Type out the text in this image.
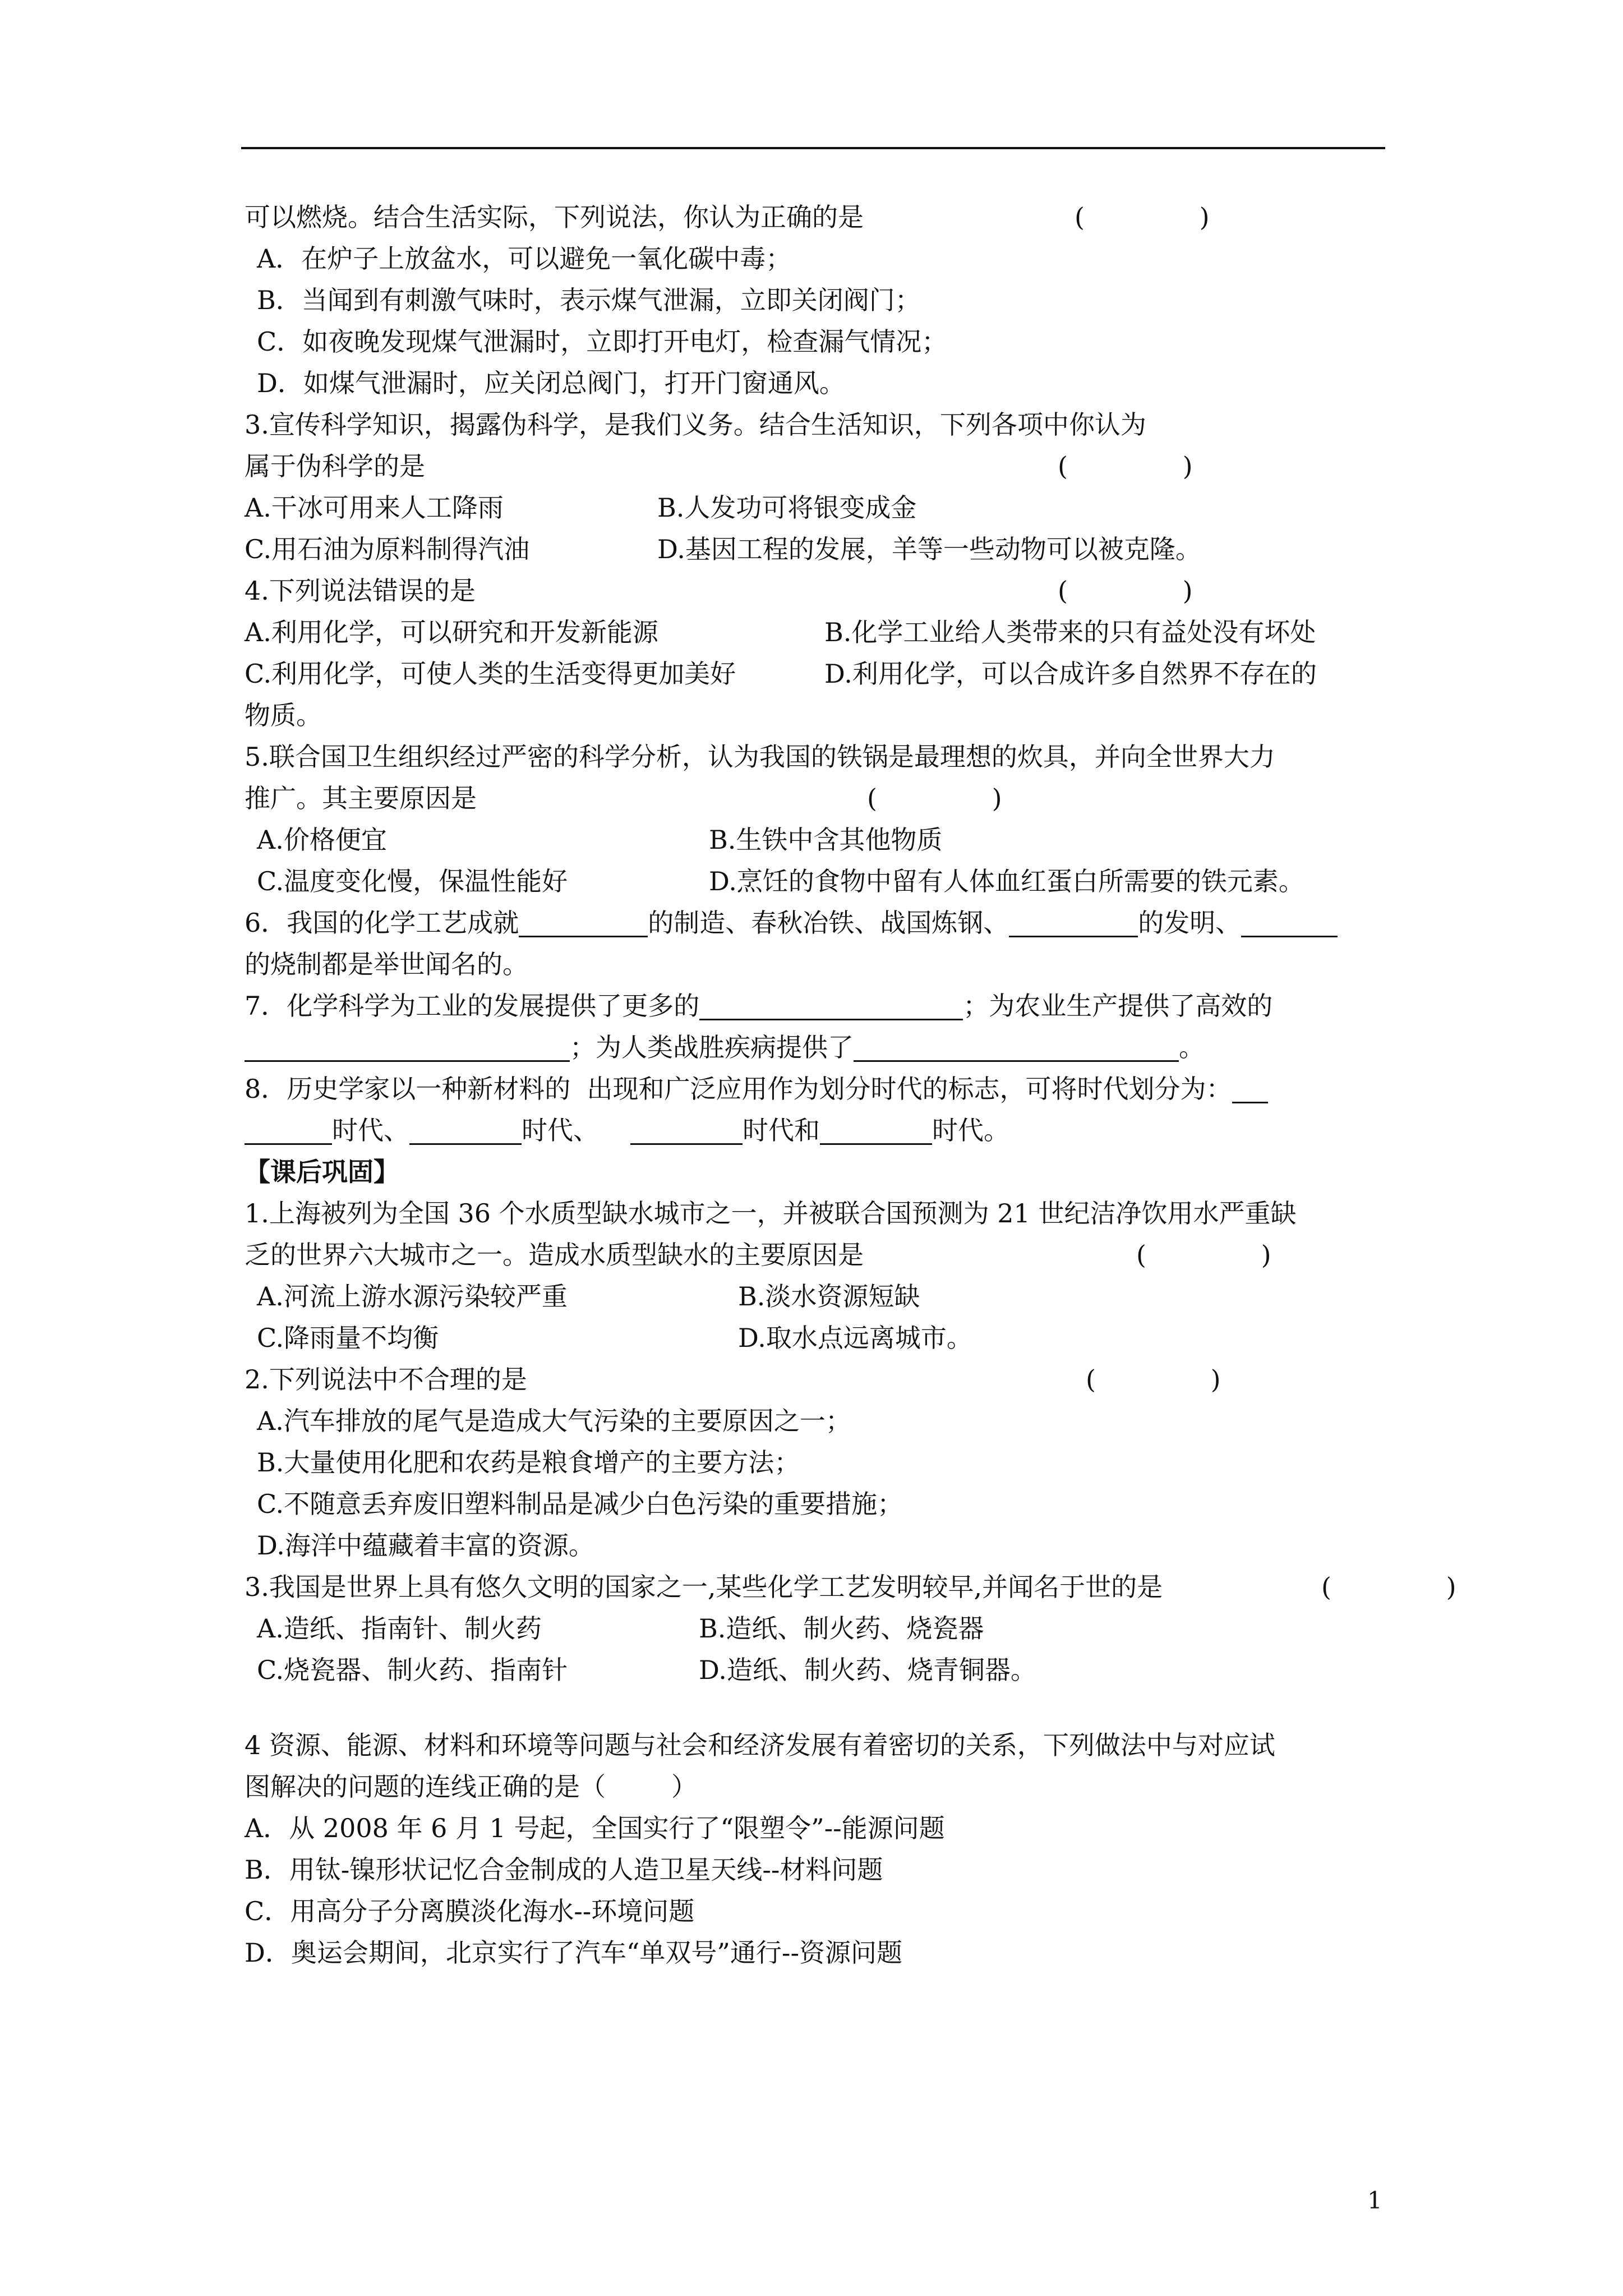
可以燃烧。结合生活实际，下列说法，你认为正确的是

	(              )

A．在炉子上放盆水，可以避免一氧化碳中毒；
B．当闻到有刺激气味时，表示煤气泄漏，立即关闭阀门；
C．如夜晚发现煤气泄漏时，立即打开电灯，检查漏气情况；
D．如煤气泄漏时，应关闭总阀门，打开门窗通风。
3.宣传科学知识，揭露伪科学，是我们义务。结合生活知识，下列各项中你认为

属于伪科学的是

	(              )

A.干冰可用来人工降雨

	B.人发功可将银变成金

C.用石油为原料制得汽油

	D.基因工程的发展，羊等一些动物可以被克隆。

4.下列说法错误的是

	(              )

A.利用化学，可以研究和开发新能源

	B.化学工业给人类带来的只有益处没有坏处

C.利用化学，可使人类的生活变得更加美好

	D.利用化学，可以合成许多自然界不存在的

物质。
5.联合国卫生组织经过严密的科学分析，认为我国的铁锅是最理想的炊具，并向全世界大力

推广。其主要原因是

	(              )

A.价格便宜

	B.生铁中含其他物质

C.温度变化慢，保温性能好

	D.烹饪的食物中留有人体血红蛋白所需要的铁元素。

6．我国的化学工艺成就	的制造、春秋冶铁、战国炼钢、	的发明、
的烧制都是举世闻名的。
7．化学科学为工业的发展提供了更多的	；为农业生产提供了高效的
；为人类战胜疾病提供了	。
8．历史学家以一种新材料的  出现和广泛应用作为划分时代的标志，可将时代划分为：
时代、	时代、	时代和	时代。
【课后巩固】
1.上海被列为全国 36 个水质型缺水城市之一，并被联合国预测为 21 世纪洁净饮用水严重缺

乏的世界六大城市之一。造成水质型缺水的主要原因是

	(              )

A.河流上游水源污染较严重

	B.淡水资源短缺

C.降雨量不均衡

	D.取水点远离城市。

2.下列说法中不合理的是

	(              )

A.汽车排放的尾气是造成大气污染的主要原因之一；
B.大量使用化肥和农药是粮食增产的主要方法；
C.不随意丢弃废旧塑料制品是减少白色污染的重要措施；
D.海洋中蕴藏着丰富的资源。

3.我国是世界上具有悠久文明的国家之一,某些化学工艺发明较早,并闻名于世的是

	(              )

A.造纸、指南针、制火药

	B.造纸、制火药、烧瓷器

C.烧瓷器、制火药、指南针

	D.造纸、制火药、烧青铜器。

4 资源、能源、材料和环境等问题与社会和经济发展有着密切的关系，下列做法中与对应试
图解决的问题的连线正确的是（        ）
A．从 2008 年 6 月 1 号起，全国实行了“限塑令”--能源问题
B．用钛-镍形状记忆合金制成的人造卫星天线--材料问题
C．用高分子分离膜淡化海水--环境问题
D．奥运会期间，北京实行了汽车“单双号”通行--资源问题
1
